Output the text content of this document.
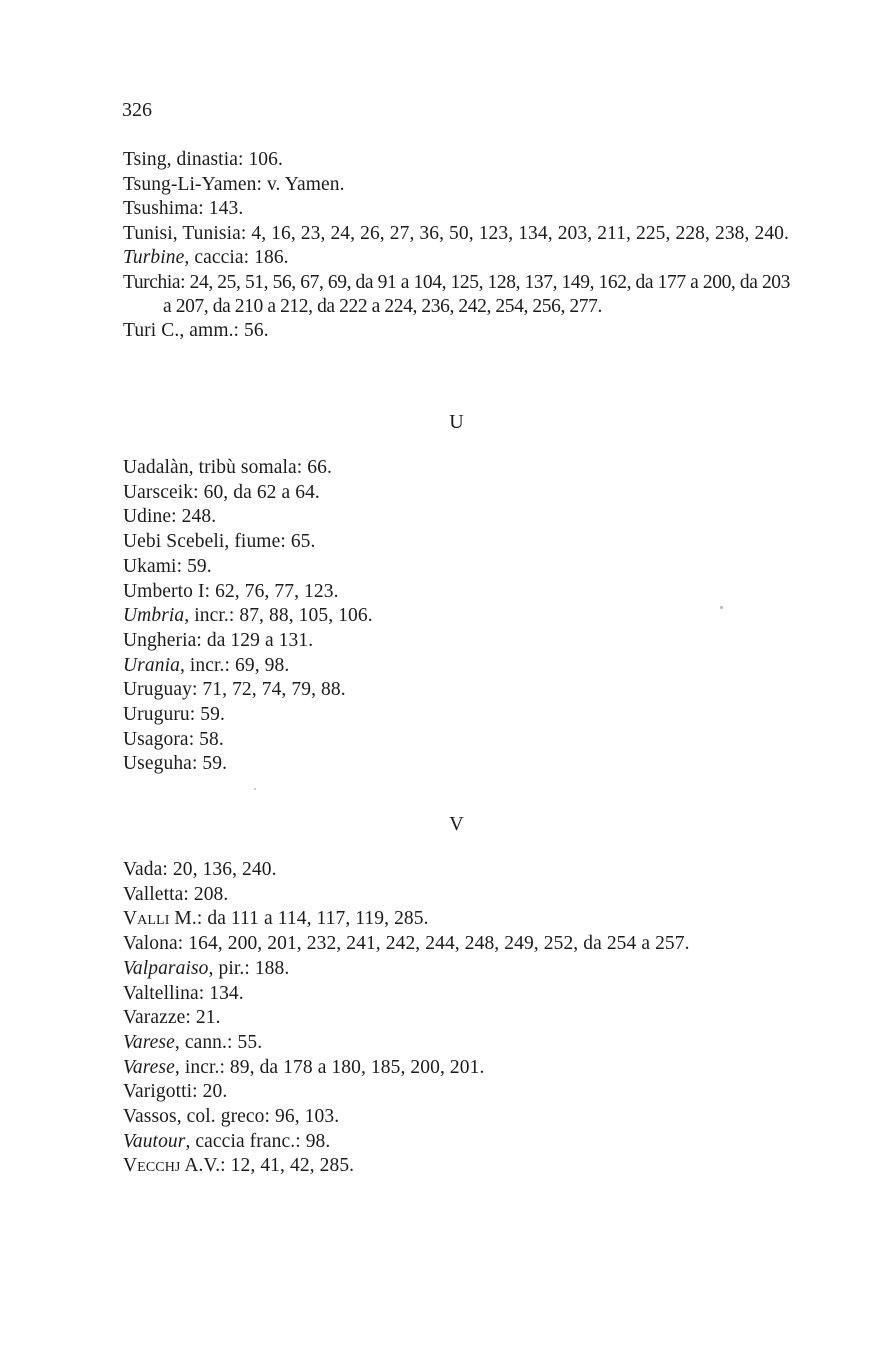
326
Tsing, dinastia: 106.
Tsung-Li-Yamen: v. Yamen.
Tsushima: 143.
Tunisi, Tunisia: 4, 16, 23, 24, 26, 27, 36, 50, 123, 134, 203, 211, 225, 228, 238, 240.
Turbine, caccia: 186.
Turchia: 24, 25, 51, 56, 67, 69, da 91 a 104, 125, 128, 137, 149, 162, da 177 a 200, da 203 a 207, da 210 a 212, da 222 a 224, 236, 242, 254, 256, 277.
Turi C., amm.: 56.
U
Uadalàn, tribù somala: 66.
Uarsceik: 60, da 62 a 64.
Udine: 248.
Uebi Scebeli, fiume: 65.
Ukami: 59.
Umberto I: 62, 76, 77, 123.
Umbria, incr.: 87, 88, 105, 106.
Ungheria: da 129 a 131.
Urania, incr.: 69, 98.
Uruguay: 71, 72, 74, 79, 88.
Uruguru: 59.
Usagora: 58.
Useguha: 59.
V
Vada: 20, 136, 240.
Valletta: 208.
Valli M.: da 111 a 114, 117, 119, 285.
Valona: 164, 200, 201, 232, 241, 242, 244, 248, 249, 252, da 254 a 257.
Valparaiso, pir.: 188.
Valtellina: 134.
Varazze: 21.
Varese, cann.: 55.
Varese, incr.: 89, da 178 a 180, 185, 200, 201.
Varigotti: 20.
Vassos, col. greco: 96, 103.
Vautour, caccia franc.: 98.
Vecchj A.V.: 12, 41, 42, 285.
